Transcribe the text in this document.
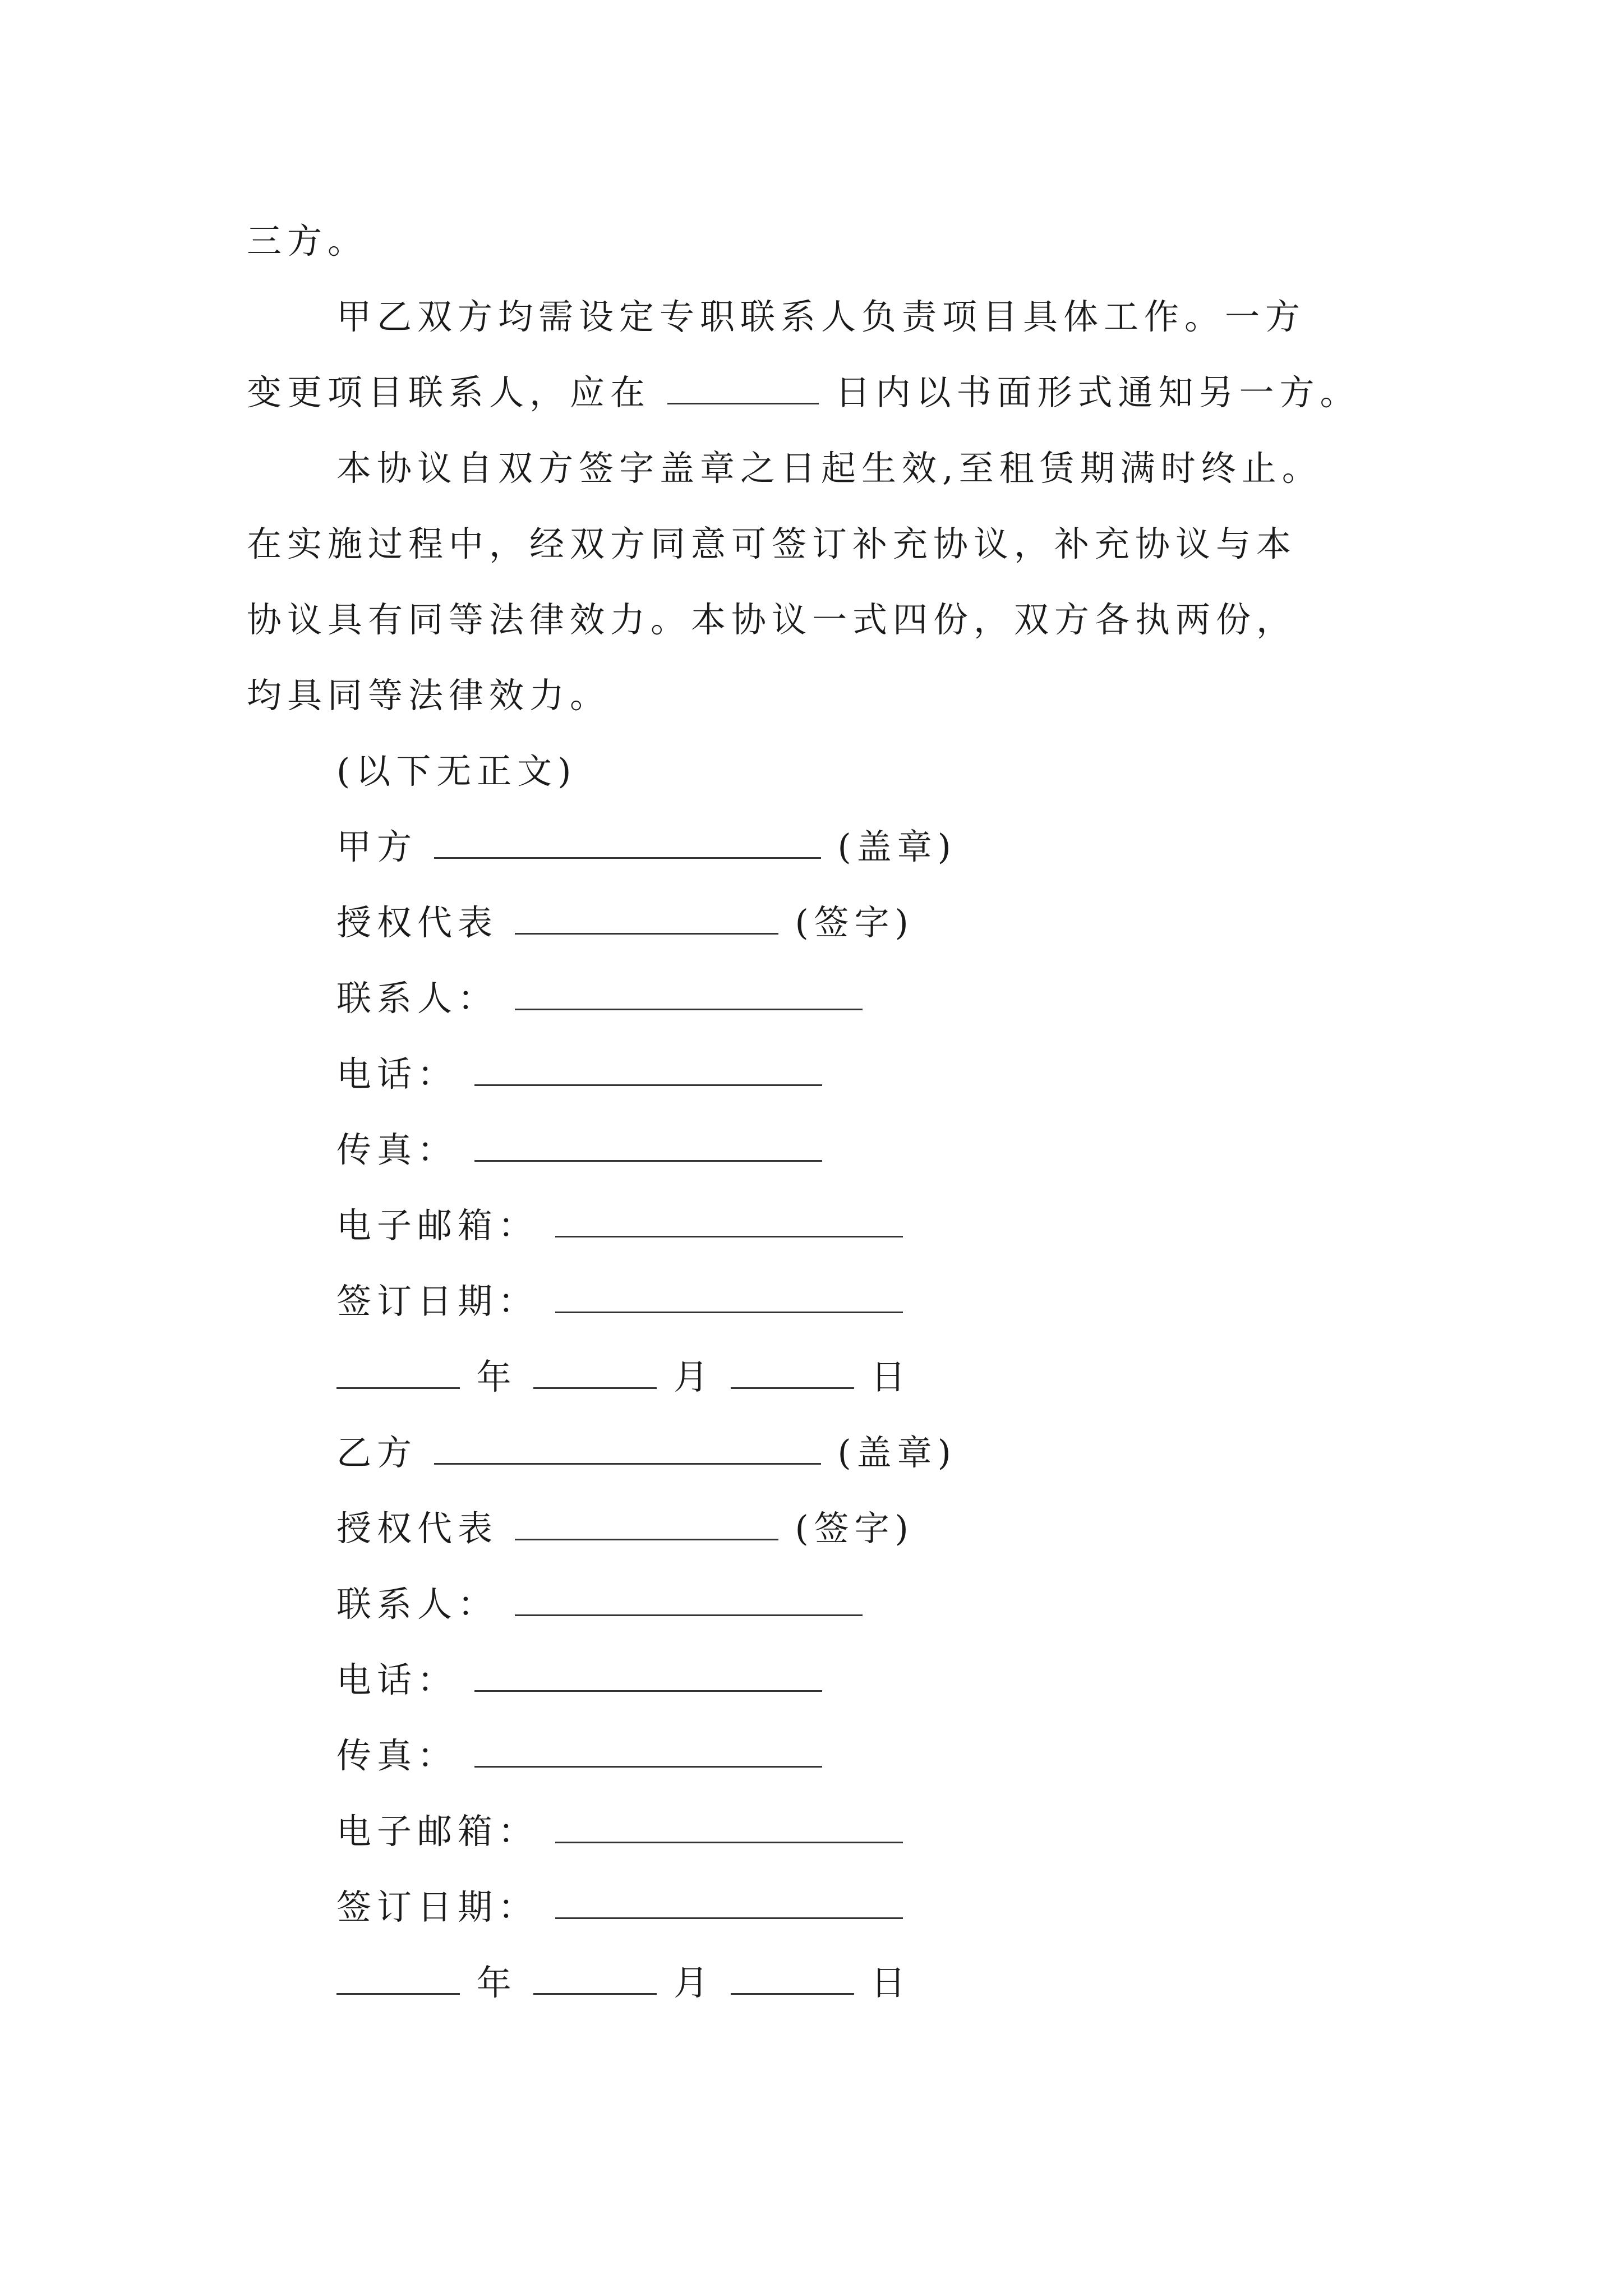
三方。
甲乙双方均需设定专职联系人负责项目具体工作。一方
变更项目联系人，应在	日内以书面形式通知另一方。
本协议自双方签字盖章之日起生效,至租赁期满时终止。
在实施过程中，经双方同意可签订补充协议，补充协议与本
协议具有同等法律效力。本协议一式四份，双方各执两份，
均具同等法律效力。
(以下无正文)
甲方	(盖章)
授权代表	(签字)
联系人：
电话：
传真：
电子邮箱：
签订日期：
年	月	日
乙方	(盖章)
授权代表	(签字)
联系人：
电话：
传真：
电子邮箱：
签订日期：
年	月	日
